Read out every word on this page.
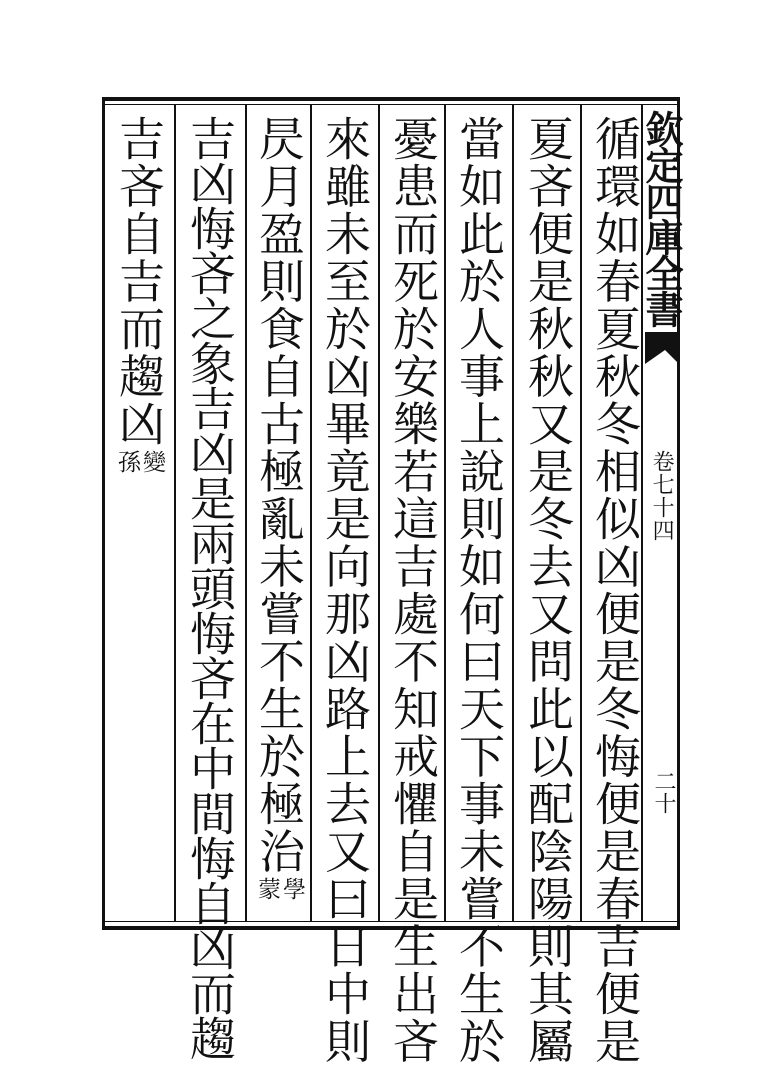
循環如春夏秋冬相似凶便是冬悔便是春吉便是
夏吝便是秋秋又是冬去又問此以配陰陽則其屬
當如此於人事上說則如何曰天下事未嘗不生於
憂患而死於安樂若這吉處不知戒懼自是生出吝
來雖未至於凶畢竟是向那凶路上去又曰日中則
昃月盈則食自古極亂未嘗不生於極治
學
蒙
吉凶悔吝之象吉凶是兩頭悔吝在中間悔自凶而趨
吉吝自吉而趨凶
變
孫
欽定四庫全書
卷七十四
二十
